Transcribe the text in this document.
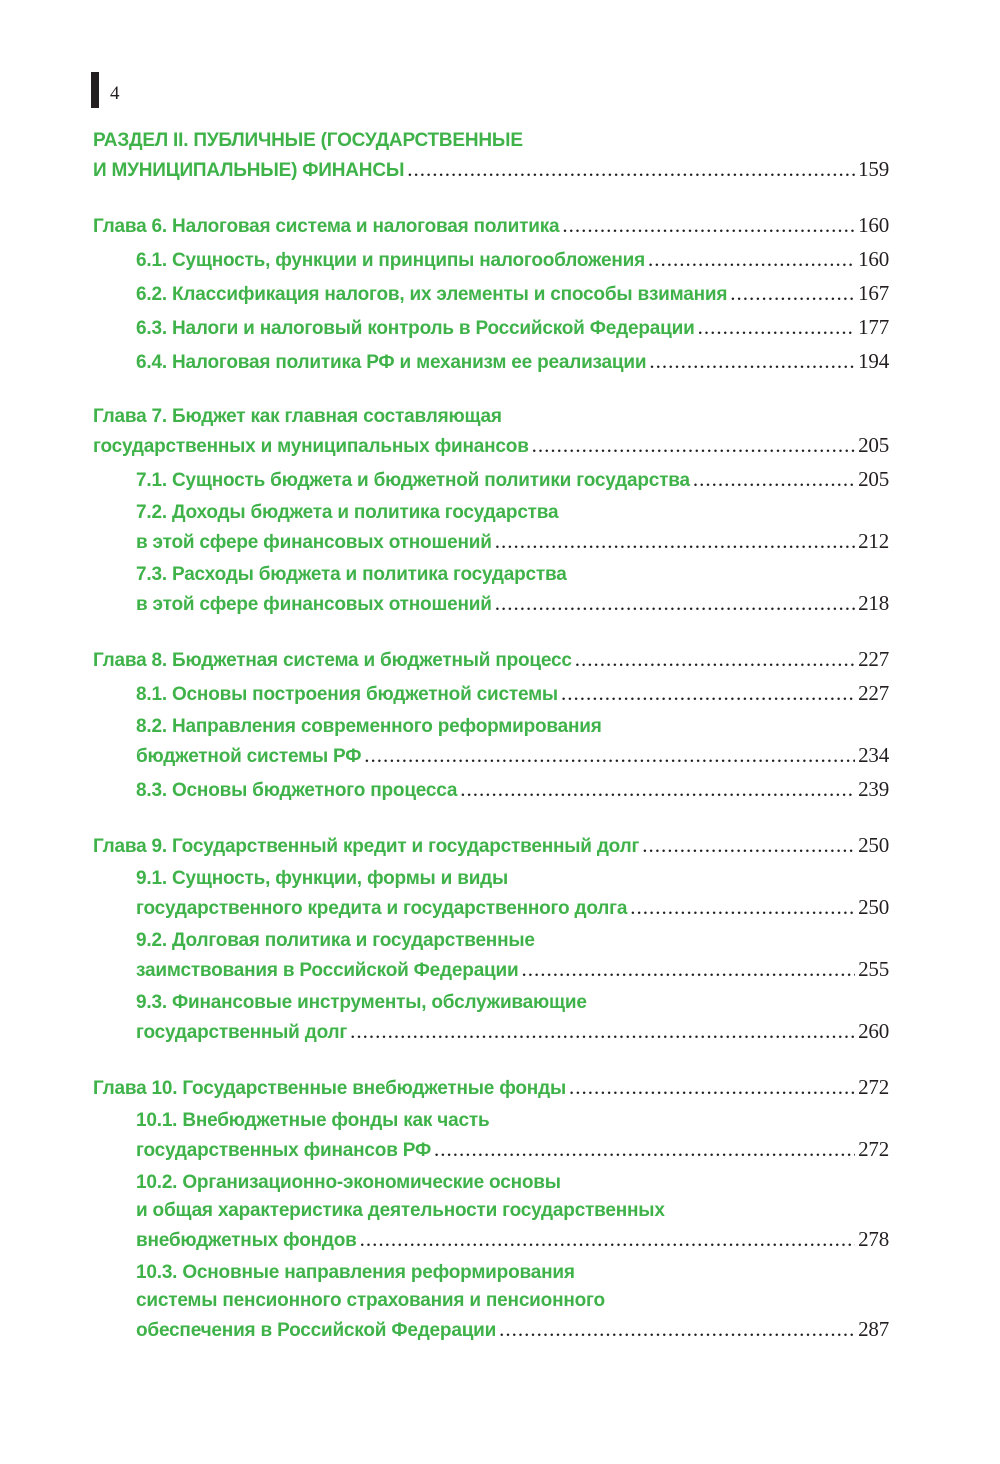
4
РАЗДЕЛ II. ПУБЛИЧНЫЕ (ГОСУДАРСТВЕННЫЕ
И МУНИЦИПАЛЬНЫЕ) ФИНАНСЫ .....	159
Глава 6. Налоговая система и налоговая политика .....	160
6.1. Сущность, функции и принципы налогообложения .....	160
6.2. Классификация налогов, их элементы и способы взимания .....	167
6.3. Налоги и налоговый контроль в Российской Федерации .....	177
6.4. Налоговая политика РФ и механизм ее реализации .....	194
Глава 7. Бюджет как главная составляющая
государственных и муниципальных финансов .....	205
7.1. Сущность бюджета и бюджетной политики государства .....	205
7.2. Доходы бюджета и политика государства
в этой сфере финансовых отношений .....	212
7.3. Расходы бюджета и политика государства
в этой сфере финансовых отношений .....	218
Глава 8. Бюджетная система и бюджетный процесс .....	227
8.1. Основы построения бюджетной системы .....	227
8.2. Направления современного реформирования
бюджетной системы РФ .....	234
8.3. Основы бюджетного процесса .....	239
Глава 9. Государственный кредит и государственный долг .....	250
9.1. Сущность, функции, формы и виды
государственного кредита и государственного долга .....	250
9.2. Долговая политика и государственные
заимствования в Российской Федерации .....	255
9.3. Финансовые инструменты, обслуживающие
государственный долг .....	260
Глава 10. Государственные внебюджетные фонды .....	272
10.1. Внебюджетные фонды как часть
государственных финансов РФ .....	272
10.2. Организационно-экономические основы
и общая характеристика деятельности государственных
внебюджетных фондов .....	278
10.3. Основные направления реформирования
системы пенсионного страхования и пенсионного
обеспечения в Российской Федерации .....	287
